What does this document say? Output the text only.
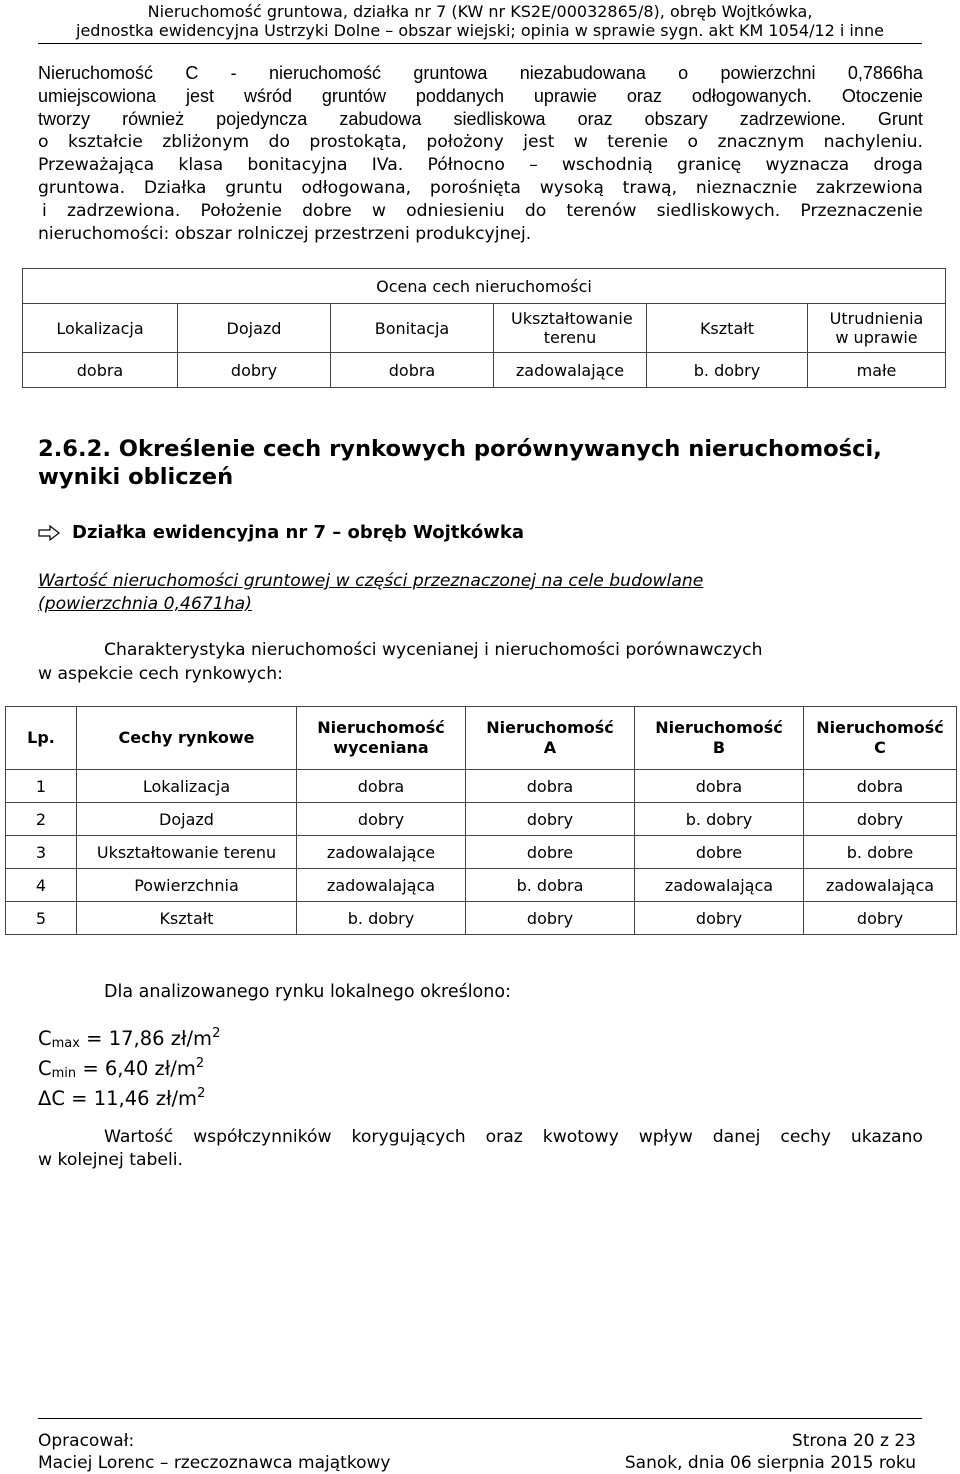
Nieruchomość gruntowa, działka nr 7 (KW nr KS2E/00032865/8), obręb Wojtkówka,
jednostka ewidencyjna Ustrzyki Dolne – obszar wiejski; opinia w sprawie sygn. akt KM 1054/12 i inne
Nieruchomość C - nieruchomość gruntowa niezabudowana o powierzchni 0,7866ha
umiejscowiona jest wśród gruntów poddanych uprawie oraz odłogowanych. Otoczenie
tworzy również pojedyncza zabudowa siedliskowa oraz obszary zadrzewione. Grunt
o kształcie zbliżonym do prostokąta, położony jest w terenie o znacznym nachyleniu.
Przeważająca klasa bonitacyjna IVa. Północno – wschodnią granicę wyznacza droga
gruntowa. Działka gruntu odłogowana, porośnięta wysoką trawą, nieznacznie zakrzewiona
i zadrzewiona. Położenie dobre w odniesieniu do terenów siedliskowych. Przeznaczenie
nieruchomości: obszar rolniczej przestrzeni produkcyjnej.
Ocena cech nieruchomości					
Lokalizacja	Dojazd	Bonitacja	Ukształtowanie terenu	Kształt	Utrudnienia w uprawie
dobra	dobry	dobra	zadowalające	b. dobry	małe
2.6.2. Określenie cech rynkowych porównywanych nieruchomości,
wyniki obliczeń
Działka ewidencyjna nr 7 – obręb Wojtkówka
Wartość nieruchomości gruntowej w części przeznaczonej na cele budowlane
(powierzchnia 0,4671ha)
Charakterystyka nieruchomości wycenianej i nieruchomości porównawczych
w aspekcie cech rynkowych:
Lp.	Cechy rynkowe	Nieruchomość wyceniana	Nieruchomość A	Nieruchomość B	Nieruchomość C
1	Lokalizacja	dobra	dobra	dobra	dobra
2	Dojazd	dobry	dobry	b. dobry	dobry
3	Ukształtowanie terenu	zadowalające	dobre	dobre	b. dobre
4	Powierzchnia	zadowalająca	b. dobra	zadowalająca	zadowalająca
5	Kształt	b. dobry	dobry	dobry	dobry
Dla analizowanego rynku lokalnego określono:
$C_{max} = 17,86$ $zł/m^2$
$C_{min} = 6,40$ $zł/m^2$
ΔC = 11,46 $zł/m^2$
Wartość współczynników korygujących oraz kwotowy wpływ danej cechy ukazano
w kolejnej tabeli.
Opracował:
Maciej Lorenc – rzeczoznawca majątkowy
Strona 20 z 23
Sanok, dnia 06 sierpnia 2015 roku
